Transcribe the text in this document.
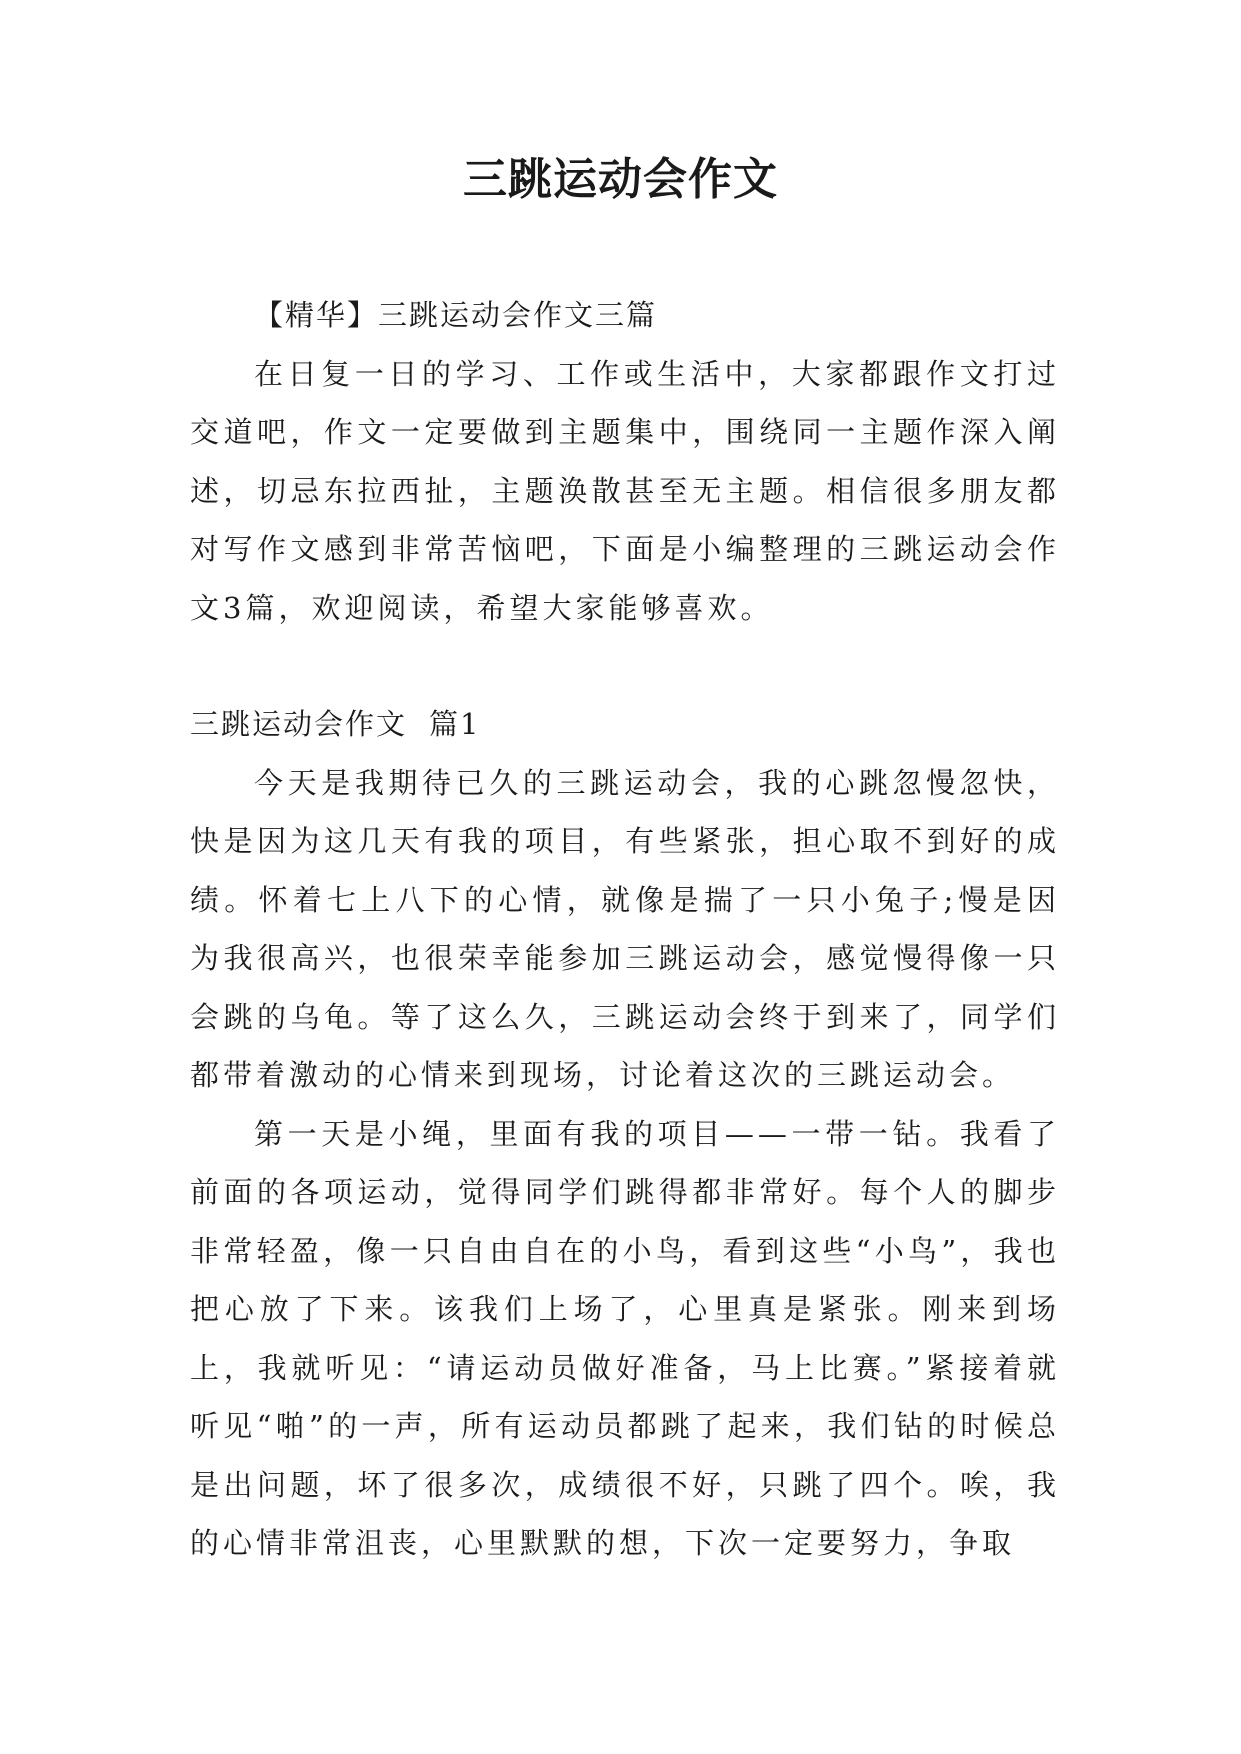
三跳运动会作文

【精华】三跳运动会作文三篇

在日复一日的学习、工作或生活中，大家都跟作文打过交道吧，作文一定要做到主题集中，围绕同一主题作深入阐述，切忌东拉西扯，主题涣散甚至无主题。相信很多朋友都对写作文感到非常苦恼吧，下面是小编整理的三跳运动会作文3篇，欢迎阅读，希望大家能够喜欢。

三跳运动会作文 篇1

今天是我期待已久的三跳运动会，我的心跳忽慢忽快，快是因为这几天有我的项目，有些紧张，担心取不到好的成绩。怀着七上八下的心情，就像是揣了一只小兔子;慢是因为我很高兴，也很荣幸能参加三跳运动会，感觉慢得像一只会跳的乌龟。等了这么久，三跳运动会终于到来了，同学们都带着激动的心情来到现场，讨论着这次的三跳运动会。

第一天是小绳，里面有我的项目——一带一钻。我看了前面的各项运动，觉得同学们跳得都非常好。每个人的脚步非常轻盈，像一只自由自在的小鸟，看到这些“小鸟”，我也把心放了下来。该我们上场了，心里真是紧张。刚来到场上，我就听见：“请运动员做好准备，马上比赛。”紧接着就听见“啪”的一声，所有运动员都跳了起来，我们钻的时候总是出问题，坏了很多次，成绩很不好，只跳了四个。唉，我的心情非常沮丧，心里默默的想，下次一定要努力，争取
